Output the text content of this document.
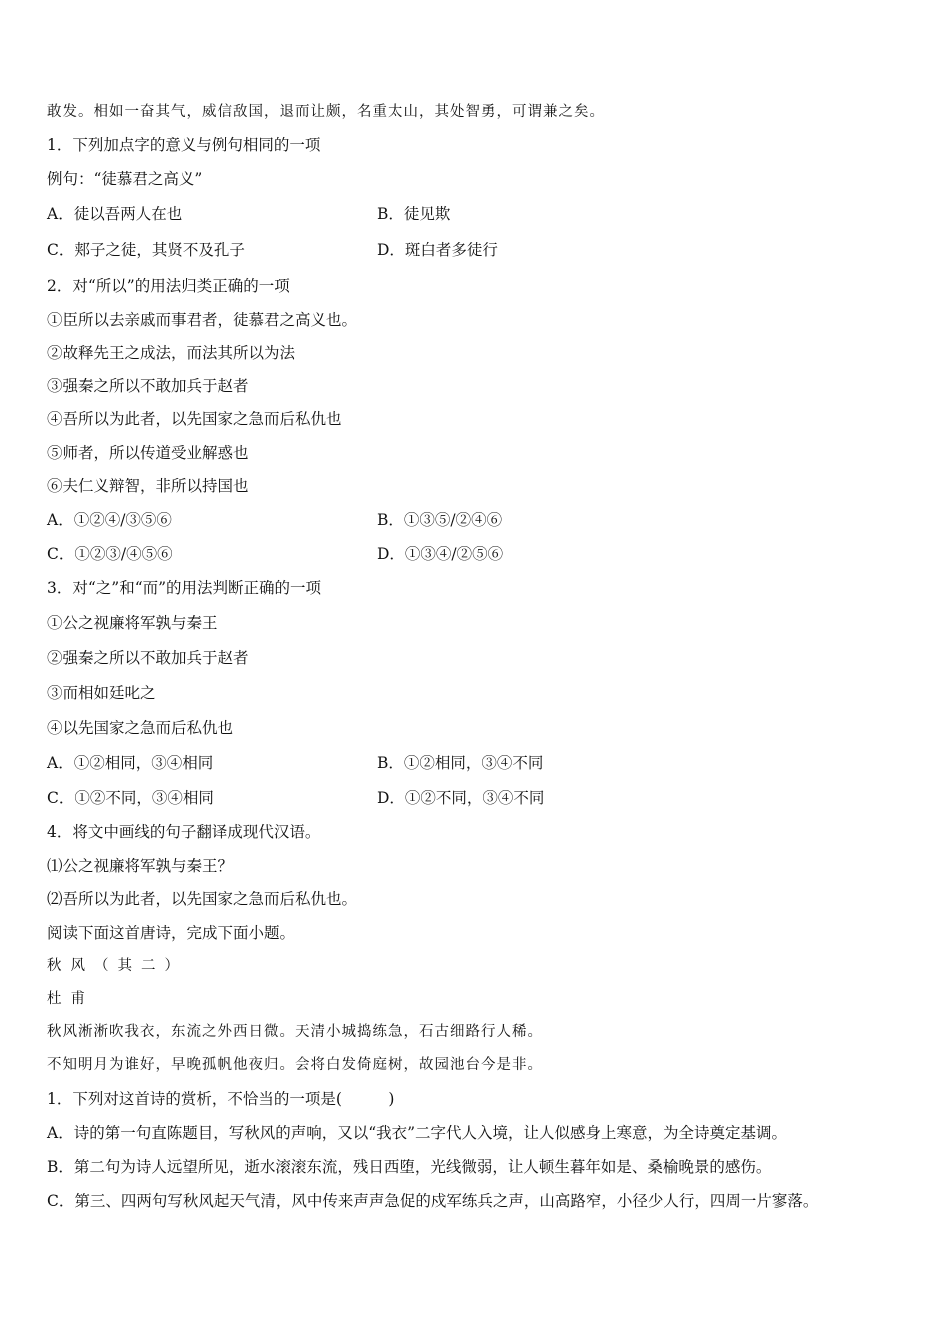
敢发。相如一奋其气，威信敌国，退而让颇，名重太山，其处智勇，可谓兼之矣。
1．下列加点字的意义与例句相同的一项
例句：“徒慕君之高义”
A．徒以吾两人在也	B．徒见欺
C．郏子之徒，其贤不及孔子	D．斑白者多徒行
2．对“所以”的用法归类正确的一项
①臣所以去亲戚而事君者，徒慕君之高义也。
②故释先王之成法，而法其所以为法
③强秦之所以不敢加兵于赵者
④吾所以为此者，以先国家之急而后私仇也
⑤师者，所以传道受业解惑也
⑥夫仁义辩智，非所以持国也
A．①②④/③⑤⑥	B．①③⑤/②④⑥
C．①②③/④⑤⑥	D．①③④/②⑤⑥
3．对“之”和“而”的用法判断正确的一项
①公之视廉将军孰与秦王
②强秦之所以不敢加兵于赵者
③而相如廷叱之
④以先国家之急而后私仇也
A．①②相同，③④相同	B．①②相同，③④不同
C．①②不同，③④相同	D．①②不同，③④不同
4．将文中画线的句子翻译成现代汉语。
⑴公之视廉将军孰与秦王？
⑵吾所以为此者，以先国家之急而后私仇也。
阅读下面这首唐诗，完成下面小题。
秋风（其二）
杜甫
秋风淅淅吹我衣，东流之外西日微。天清小城捣练急，石古细路行人稀。
不知明月为谁好，早晚孤帆他夜归。会将白发倚庭树，故园池台今是非。
1．下列对这首诗的赏析，不恰当的一项是(　　　)
A．诗的第一句直陈题目，写秋风的声响，又以“我衣”二字代人入境，让人似感身上寒意，为全诗奠定基调。
B．第二句为诗人远望所见，逝水滚滚东流，残日西堕，光线微弱，让人顿生暮年如是、桑榆晚景的感伤。
C．第三、四两句写秋风起天气清，风中传来声声急促的戍军练兵之声，山高路窄，小径少人行，四周一片寥落。
